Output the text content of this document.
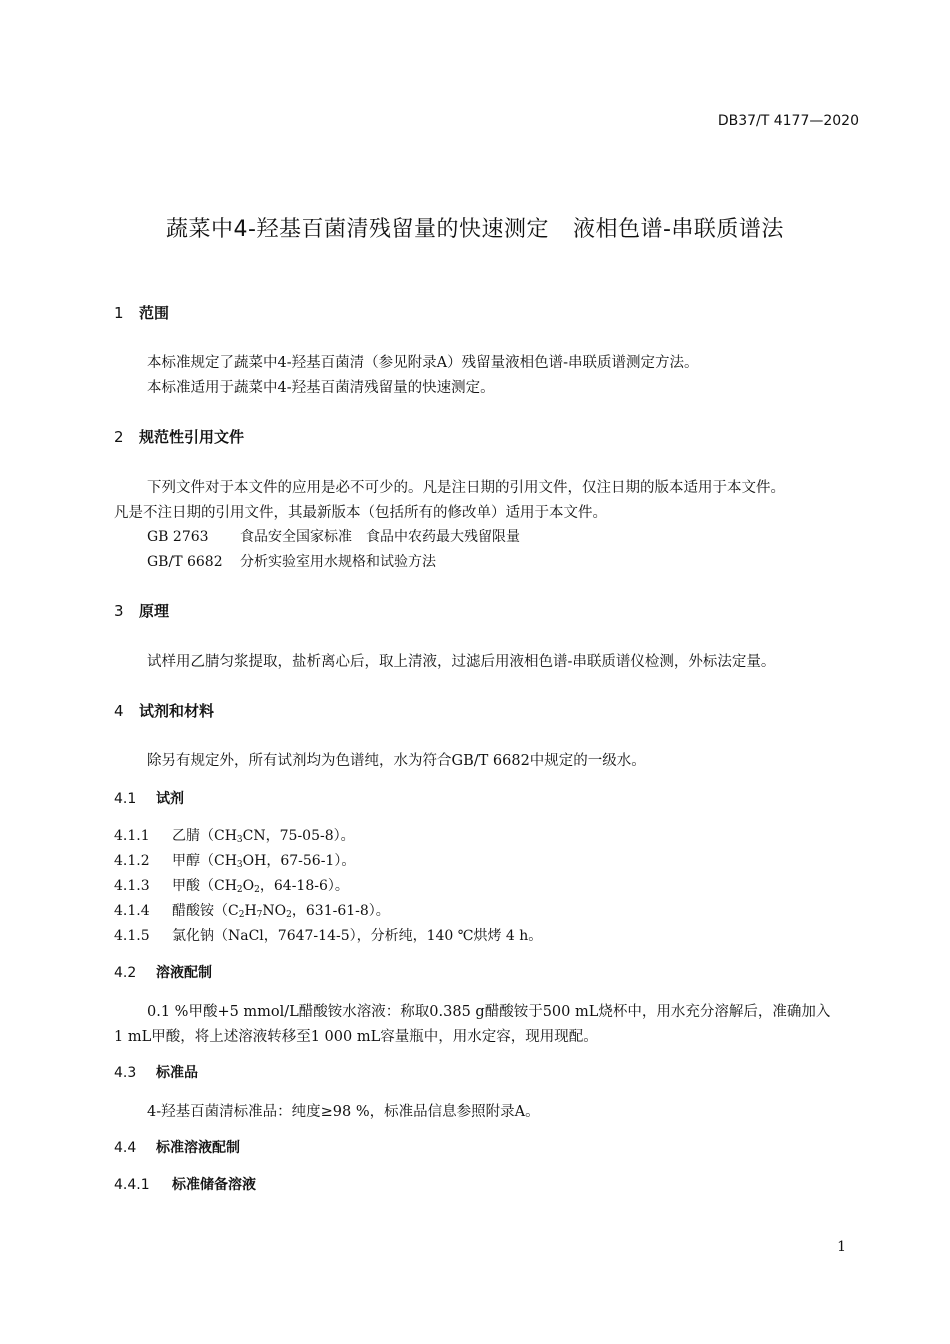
DB37/T 4177—2020
蔬菜中4-羟基百菌清残留量的快速测定 液相色谱-串联质谱法
1 范围
本标准规定了蔬菜中4-羟基百菌清（参见附录A）残留量液相色谱-串联质谱测定方法。
本标准适用于蔬菜中4-羟基百菌清残留量的快速测定。
2 规范性引用文件
下列文件对于本文件的应用是必不可少的。凡是注日期的引用文件，仅注日期的版本适用于本文件。
凡是不注日期的引用文件，其最新版本（包括所有的修改单）适用于本文件。
GB 2763 食品安全国家标准 食品中农药最大残留限量
GB/T 6682 分析实验室用水规格和试验方法
3 原理
试样用乙腈匀浆提取，盐析离心后，取上清液，过滤后用液相色谱-串联质谱仪检测，外标法定量。
4 试剂和材料
除另有规定外，所有试剂均为色谱纯，水为符合GB/T 6682中规定的一级水。
4.1 试剂
4.1.1 乙腈（$CH_3CN$，75-05-8）。
4.1.2 甲醇（$CH_3OH$，67-56-1）。
4.1.3 甲酸（$CH_2O_2$，64-18-6）。
4.1.4 醋酸铵（$C_2H_7NO_2$，631-61-8）。
4.1.5 氯化钠（NaCl，7647-14-5），分析纯，140 ℃烘烤 4 h。
4.2 溶液配制
0.1 %甲酸+5 mmol/L醋酸铵水溶液：称取0.385 g醋酸铵于500 mL烧杯中，用水充分溶解后，准确加入
1 mL甲酸，将上述溶液转移至1 000 mL容量瓶中，用水定容，现用现配。
4.3 标准品
4-羟基百菌清标准品：纯度≥98 %，标准品信息参照附录A。
4.4 标准溶液配制
4.4.1 标准储备溶液
1
